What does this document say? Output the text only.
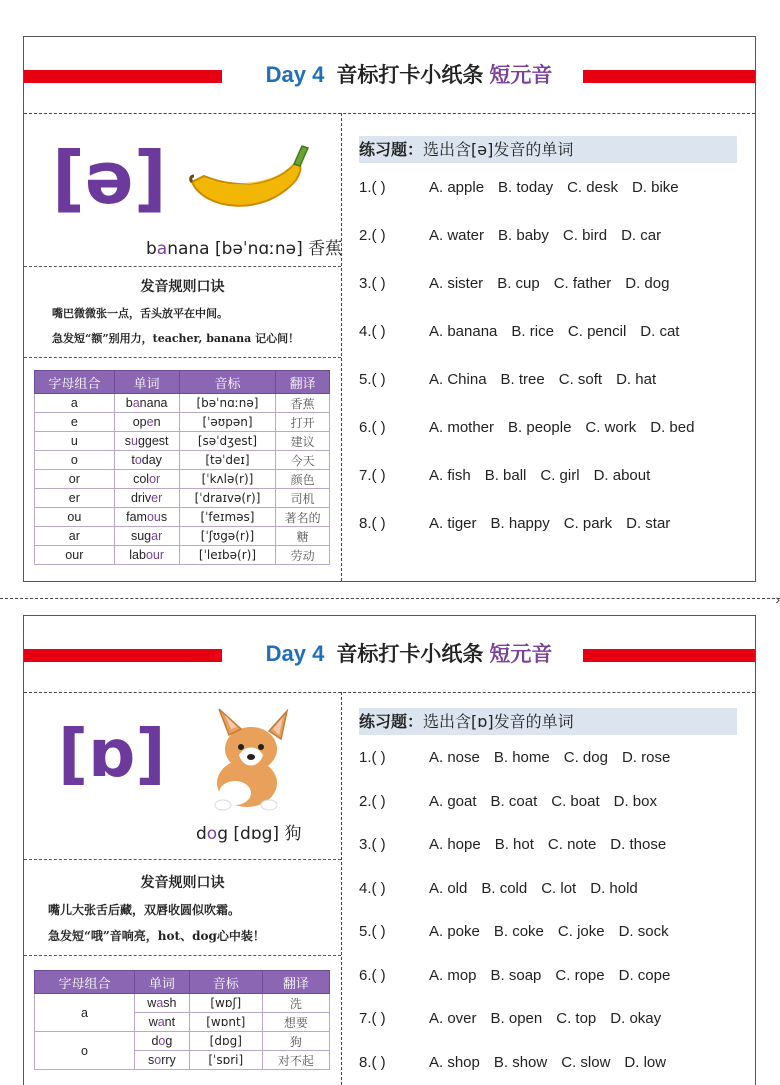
Day 4 音标打卡小纸条 短元音
[ə]
banana [bəˈnɑːnə] 香蕉
发音规则口诀
嘴巴微微张一点，舌头放平在中间。
急发短“额”别用力，teacher, banana 记心间！
字母组合	单词	音标	翻译
a	banana	[bəˈnɑːnə]	香蕉
e	open	[ˈəʊpən]	打开
u	suggest	[səˈdʒest]	建议
o	today	[təˈdeɪ]	今天
or	color	[ˈkʌlə(r)]	颜色
er	driver	[ˈdraɪvə(r)]	司机
ou	famous	[ˈfeɪməs]	著名的
ar	sugar	[ˈʃʊgə(r)]	糖
our	labour	[ˈleɪbə(r)]	劳动
练习题：选出含[ə]发音的单词
1.( )	A. apple B. today C. desk D. bike
2.( )	A. water B. baby C. bird D. car
3.( )	A. sister B. cup C. father D. dog
4.( )	A. banana B. rice C. pencil D. cat
5.( )	A. China B. tree C. soft D. hat
6.( )	A. mother B. people C. work D. bed
7.( )	A. fish B. ball C. girl D. about
8.( )	A. tiger B. happy C. park D. star
›
Day 4 音标打卡小纸条 短元音
[ɒ]
dog [dɒg] 狗
发音规则口诀
嘴儿大张舌后藏，双唇收圆似吹霜。
急发短“哦”音响亮，hot、dog心中装！
字母组合	单词	音标	翻译
a	wash	[wɒʃ]	洗
	want	[wɒnt]	想要
o	dog	[dɒg]	狗
	sorry	[ˈsɒri]	对不起
练习题：选出含[ɒ]发音的单词
1.( )	A. nose B. home C. dog D. rose
2.( )	A. goat B. coat C. boat D. box
3.( )	A. hope B. hot C. note D. those
4.( )	A. old B. cold C. lot D. hold
5.( )	A. poke B. coke C. joke D. sock
6.( )	A. mop B. soap C. rope D. cope
7.( )	A. over B. open C. top D. okay
8.( )	A. shop B. show C. slow D. low
